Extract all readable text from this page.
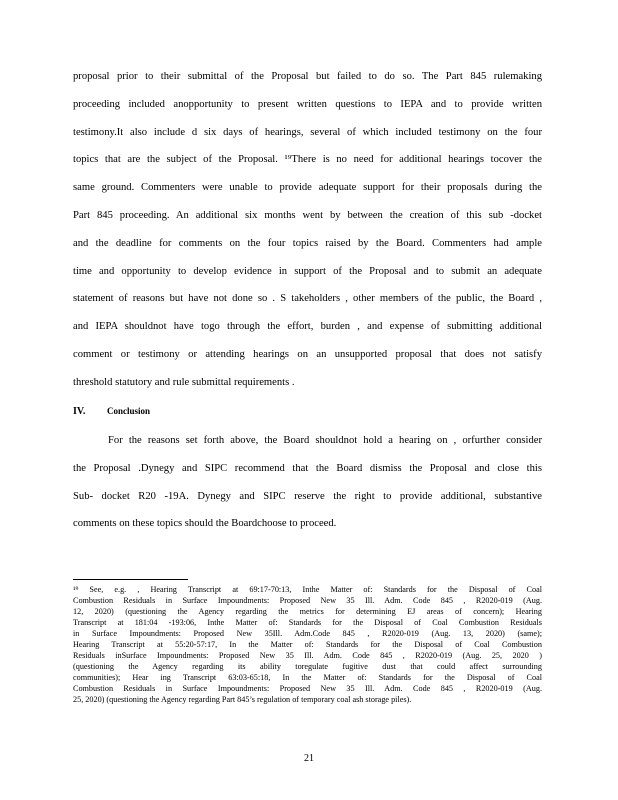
proposal prior to their submittal of the Proposal but failed to do so. The Part 845 rulemaking
proceeding included anopportunity to present written questions to IEPA and to provide written
testimony.It also include d six days of hearings, several of which included testimony on the four
topics that are the subject of the Proposal. ¹⁹There is no need for additional hearings tocover the
same ground. Commenters were unable to provide adequate support for their proposals during the
Part 845 proceeding. An additional six months went by between the creation of this sub -docket
and the deadline for comments on the four topics raised by the Board. Commenters had ample
time and opportunity to develop evidence in support of the Proposal and to submit an adequate
statement of reasons but have not done so . S takeholders , other members of the public, the Board ,
and IEPA shouldnot have togo through the effort, burden , and expense of submitting additional
comment or testimony or attending hearings on an unsupported proposal that does not satisfy
threshold statutory and rule submittal requirements .
IV. Conclusion
For the reasons set forth above, the Board shouldnot hold a hearing on , orfurther consider
the Proposal .Dynegy and SIPC recommend that the Board dismiss the Proposal and close this
Sub- docket R20 -19A. Dynegy and SIPC reserve the right to provide additional, substantive
comments on these topics should the Boardchoose to proceed.
¹⁹ See, e.g. , Hearing Transcript at 69:17-70:13, Inthe Matter of: Standards for the Disposal of Coal
Combustion Residuals in Surface Impoundments: Proposed New 35 Ill. Adm. Code 845 , R2020-019 (Aug.
12, 2020) (questioning the Agency regarding the metrics for determining EJ areas of concern); Hearing
Transcript at 181:04 -193:06, Inthe Matter of: Standards for the Disposal of Coal Combustion Residuals
in Surface Impoundments: Proposed New 35Ill. Adm.Code 845 , R2020-019 (Aug. 13, 2020) (same);
Hearing Transcript at 55:20-57:17, In the Matter of: Standards for the Disposal of Coal Combustion
Residuals inSurface Impoundments: Proposed New 35 Ill. Adm. Code 845 , R2020-019 (Aug. 25, 2020 )
(questioning the Agency regarding its ability toregulate fugitive dust that could affect surrounding
communities); Hear ing Transcript 63:03-65:18, In the Matter of: Standards for the Disposal of Coal
Combustion Residuals in Surface Impoundments: Proposed New 35 Ill. Adm. Code 845 , R2020-019 (Aug.
25, 2020) (questioning the Agency regarding Part 845’s regulation of temporary coal ash storage piles).
21
